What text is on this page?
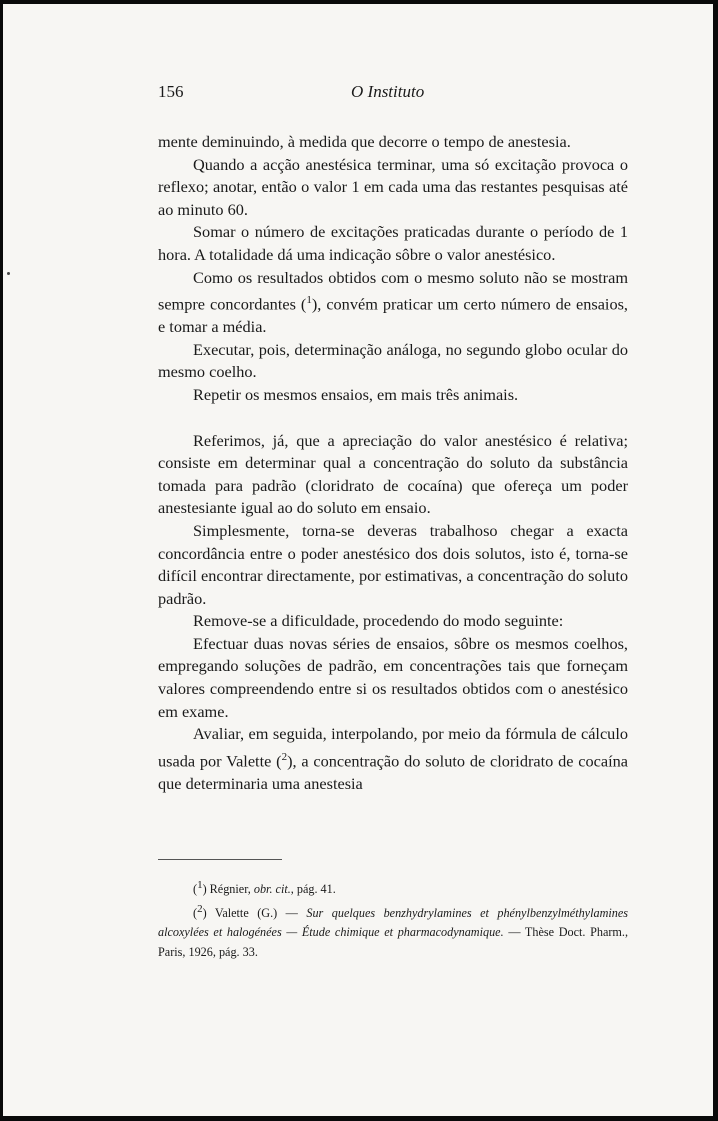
156	O Instituto

mente deminuindo, à medida que decorre o tempo de anestesia.

Quando a acção anestésica terminar, uma só excitação provoca o reflexo; anotar, então o valor 1 em cada uma das restantes pesquisas até ao minuto 60.

Somar o número de excitações praticadas durante o período de 1 hora. A totalidade dá uma indicação sôbre o valor anestésico.

Como os resultados obtidos com o mesmo soluto não se mostram sempre concordantes ($^1$), convém praticar um certo número de ensaios, e tomar a média.

Executar, pois, determinação análoga, no segundo globo ocular do mesmo coelho.

Repetir os mesmos ensaios, em mais três animais.

Referimos, já, que a apreciação do valor anestésico é relativa; consiste em determinar qual a concentração do soluto da substância tomada para padrão (cloridrato de cocaína) que ofereça um poder anestesiante igual ao do soluto em ensaio.

Simplesmente, torna-se deveras trabalhoso chegar a exacta concordância entre o poder anestésico dos dois solutos, isto é, torna-se difícil encontrar directamente, por estimativas, a concentração do soluto padrão.

Remove-se a dificuldade, procedendo do modo seguinte:

Efectuar duas novas séries de ensaios, sôbre os mesmos coelhos, empregando soluções de padrão, em concentrações tais que forneçam valores compreendendo entre si os resultados obtidos com o anestésico em exame.

Avaliar, em seguida, interpolando, por meio da fórmula de cálculo usada por Valette ($^2$), a concentração do soluto de cloridrato de cocaína que determinaria uma anestesia

($^1$) Régnier, obr. cit., pág. 41.

($^2$) Valette (G.) — Sur quelques benzhydrylamines et phénylbenzylméthylamines alcoxylées et halogénées — Étude chimique et pharmacodynamique. — Thèse Doct. Pharm., Paris, 1926, pág. 33.
